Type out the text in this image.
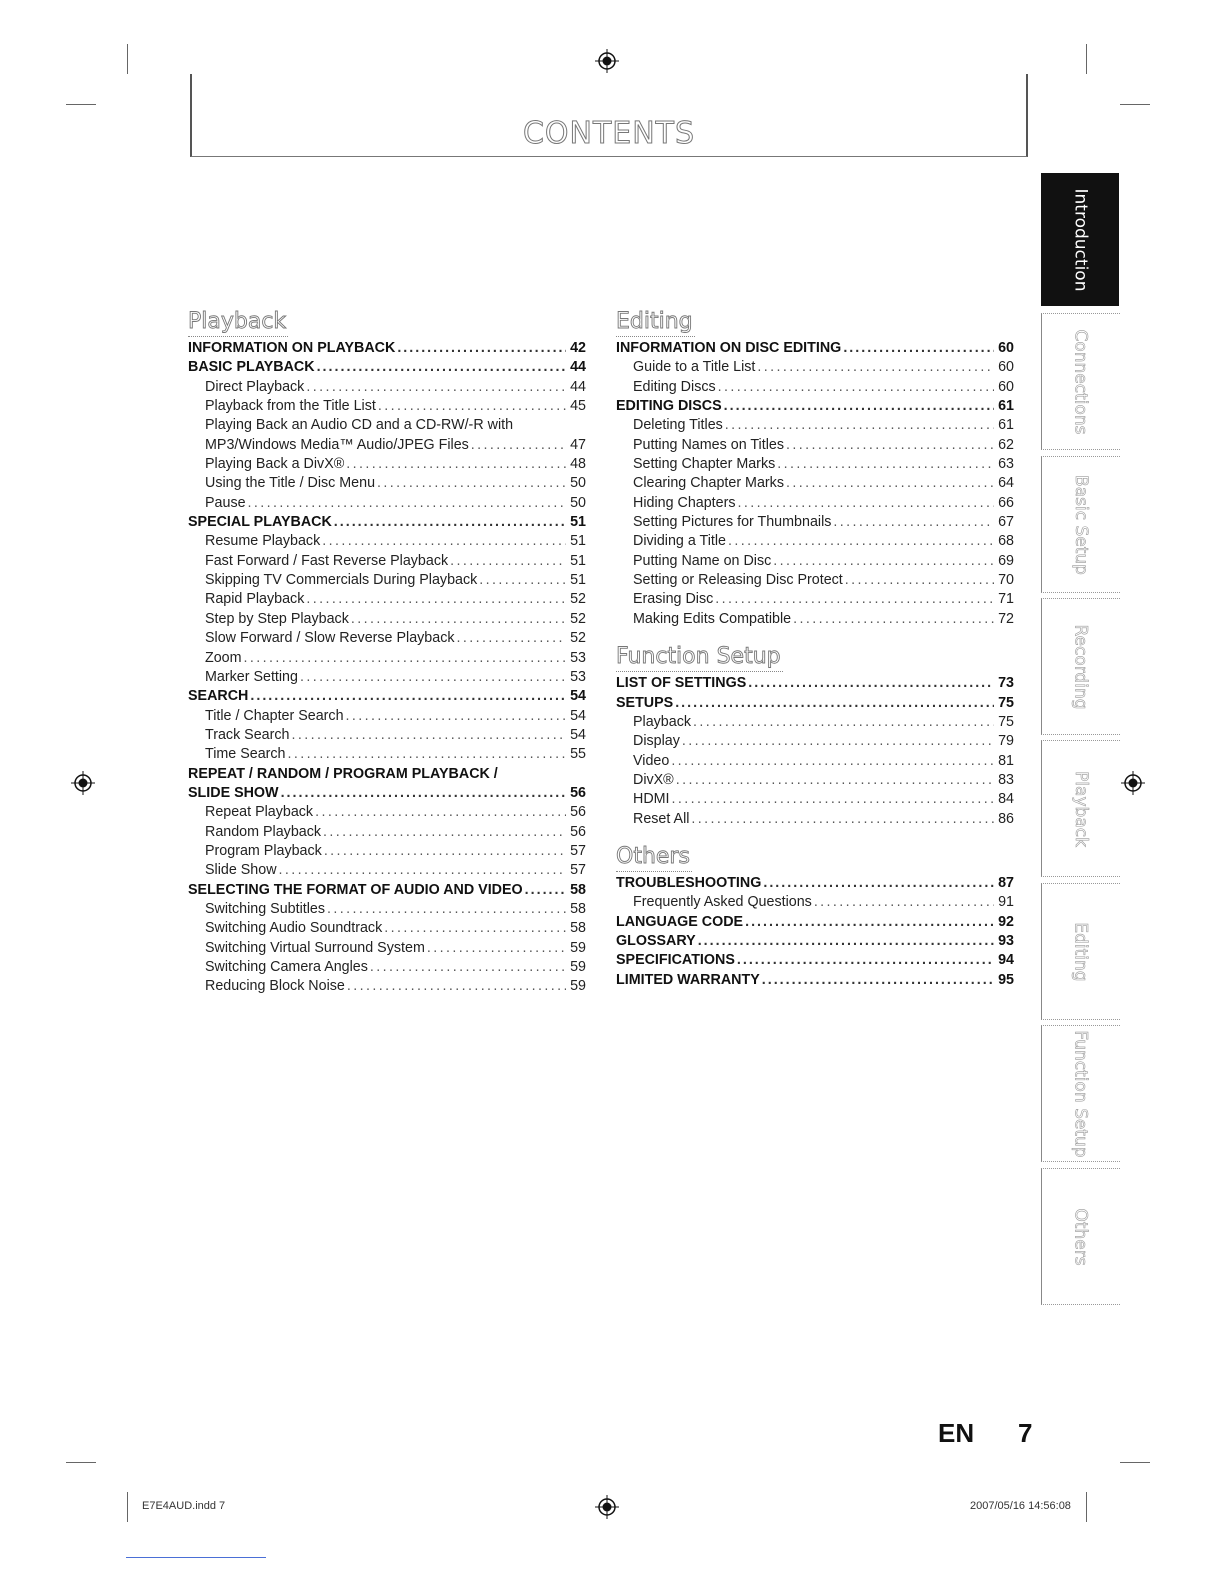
CONTENTS
Playback
INFORMATION ON PLAYBACK .....	42
BASIC PLAYBACK .....	44
Direct Playback .....	44
Playback from the Title List .....	45
Playing Back an Audio CD and a CD-RW/-R with
MP3/Windows Media™ Audio/JPEG Files .....	47
Playing Back a DivX® .....	48
Using the Title / Disc Menu .....	50
Pause .....	50
SPECIAL PLAYBACK .....	51
Resume Playback .....	51
Fast Forward / Fast Reverse Playback .....	51
Skipping TV Commercials During Playback .....	51
Rapid Playback .....	52
Step by Step Playback .....	52
Slow Forward / Slow Reverse Playback .....	52
Zoom .....	53
Marker Setting .....	53
SEARCH .....	54
Title / Chapter Search .....	54
Track Search .....	54
Time Search .....	55
REPEAT / RANDOM / PROGRAM PLAYBACK /
SLIDE SHOW .....	56
Repeat Playback .....	56
Random Playback .....	56
Program Playback .....	57
Slide Show .....	57
SELECTING THE FORMAT OF AUDIO AND VIDEO .....	58
Switching Subtitles .....	58
Switching Audio Soundtrack .....	58
Switching Virtual Surround System .....	59
Switching Camera Angles .....	59
Reducing Block Noise .....	59
Editing
INFORMATION ON DISC EDITING .....	60
Guide to a Title List .....	60
Editing Discs .....	60
EDITING DISCS .....	61
Deleting Titles .....	61
Putting Names on Titles .....	62
Setting Chapter Marks .....	63
Clearing Chapter Marks .....	64
Hiding Chapters .....	66
Setting Pictures for Thumbnails .....	67
Dividing a Title .....	68
Putting Name on Disc .....	69
Setting or Releasing Disc Protect .....	70
Erasing Disc .....	71
Making Edits Compatible .....	72
Function Setup
LIST OF SETTINGS .....	73
SETUPS .....	75
Playback .....	75
Display .....	79
Video .....	81
DivX® .....	83
HDMI .....	84
Reset All .....	86
Others
TROUBLESHOOTING .....	87
Frequently Asked Questions .....	91
LANGUAGE CODE .....	92
GLOSSARY .....	93
SPECIFICATIONS .....	94
LIMITED WARRANTY .....	95
Introduction
Connections
Basic Setup
Recording
Playback
Editing
Function Setup
Others
EN 7
E7E4AUD.indd 7	2007/05/16 14:56:08
